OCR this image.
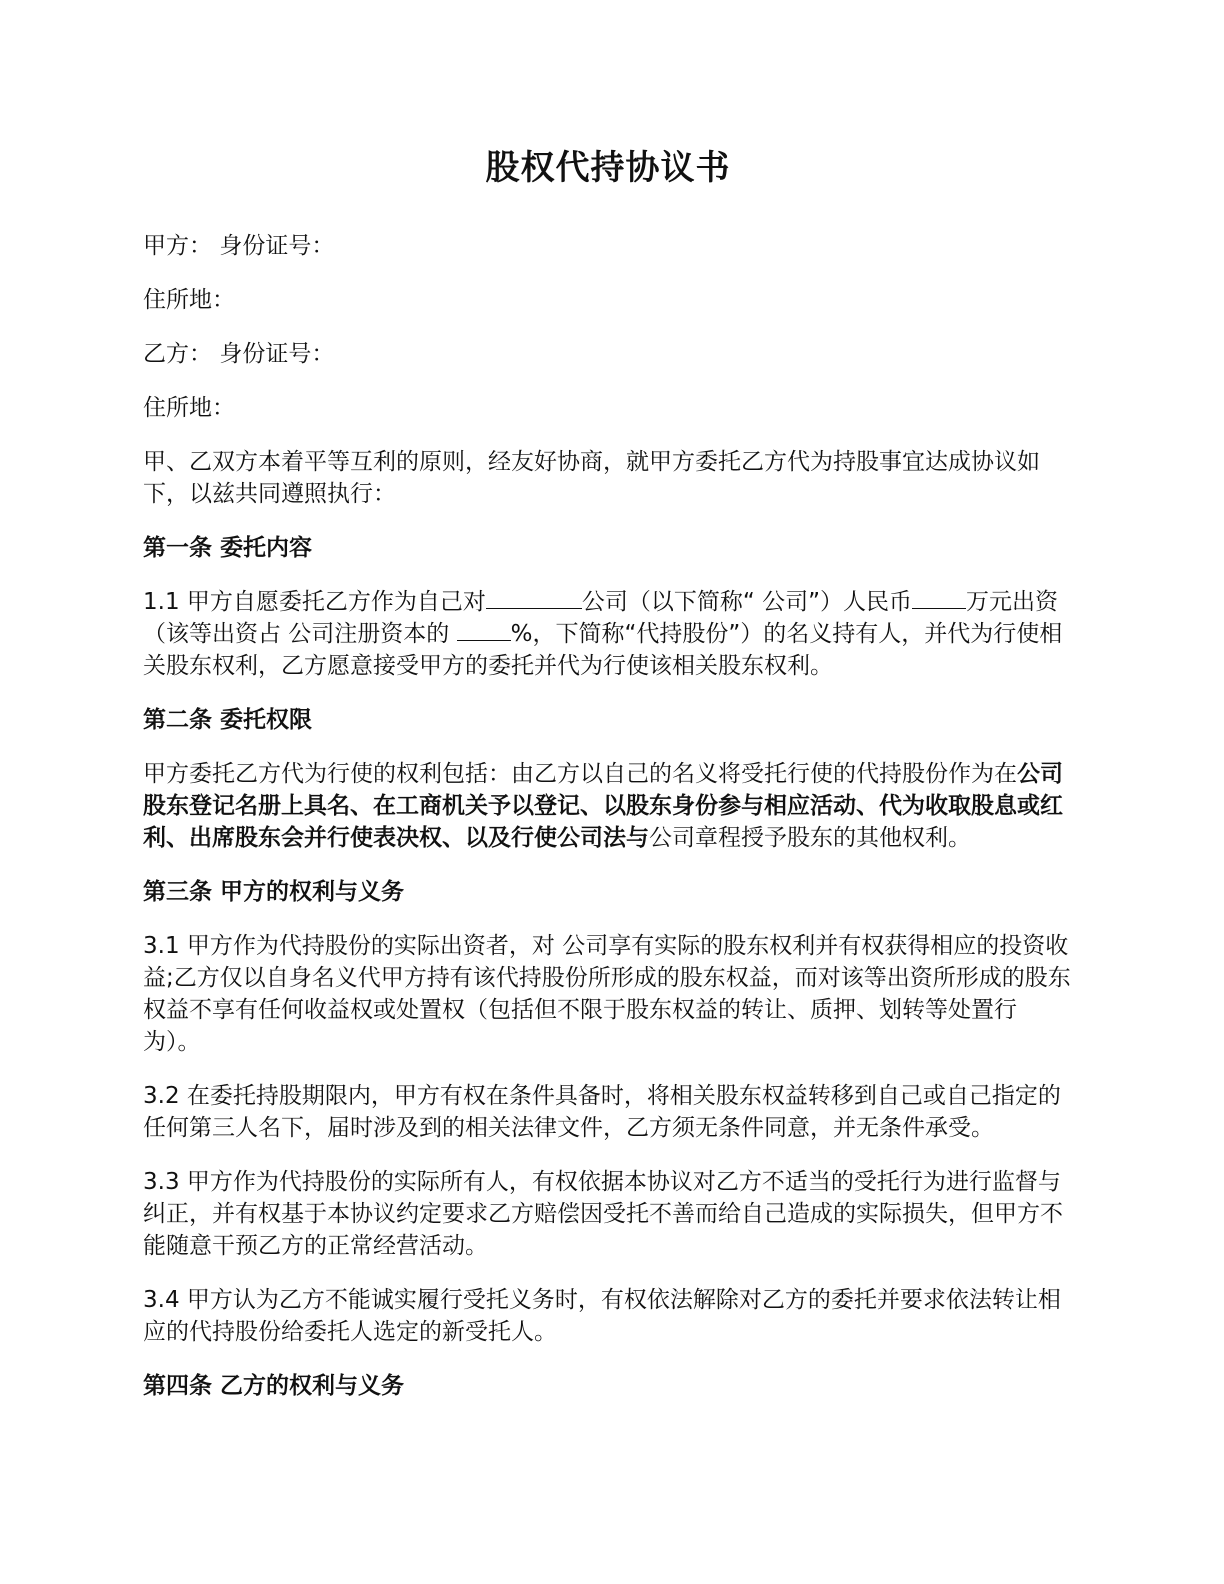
股权代持协议书

甲方： 身份证号：

住所地：

乙方： 身份证号：

住所地：

甲、乙双方本着平等互利的原则，经友好协商，就甲方委托乙方代为持股事宜达成协议如下，以兹共同遵照执行：

第一条 委托内容

1.1 甲方自愿委托乙方作为自己对	公司（以下简称“ 公司”）人民币 万元出资（该等出资占 公司注册资本的 %，下简称“代持股份”）的名义持有人，并代为行使相关股东权利，乙方愿意接受甲方的委托并代为行使该相关股东权利。

第二条 委托权限

甲方委托乙方代为行使的权利包括：由乙方以自己的名义将受托行使的代持股份作为在公司股东登记名册上具名、在工商机关予以登记、以股东身份参与相应活动、代为收取股息或红利、出席股东会并行使表决权、以及行使公司法与公司章程授予股东的其他权利。

第三条 甲方的权利与义务

3.1 甲方作为代持股份的实际出资者，对 公司享有实际的股东权利并有权获得相应的投资收益;乙方仅以自身名义代甲方持有该代持股份所形成的股东权益，而对该等出资所形成的股东权益不享有任何收益权或处置权（包括但不限于股东权益的转让、质押、划转等处置行为）。

3.2 在委托持股期限内，甲方有权在条件具备时，将相关股东权益转移到自己或自己指定的任何第三人名下，届时涉及到的相关法律文件，乙方须无条件同意，并无条件承受。

3.3 甲方作为代持股份的实际所有人，有权依据本协议对乙方不适当的受托行为进行监督与纠正，并有权基于本协议约定要求乙方赔偿因受托不善而给自己造成的实际损失，但甲方不能随意干预乙方的正常经营活动。

3.4 甲方认为乙方不能诚实履行受托义务时，有权依法解除对乙方的委托并要求依法转让相应的代持股份给委托人选定的新受托人。

第四条 乙方的权利与义务
